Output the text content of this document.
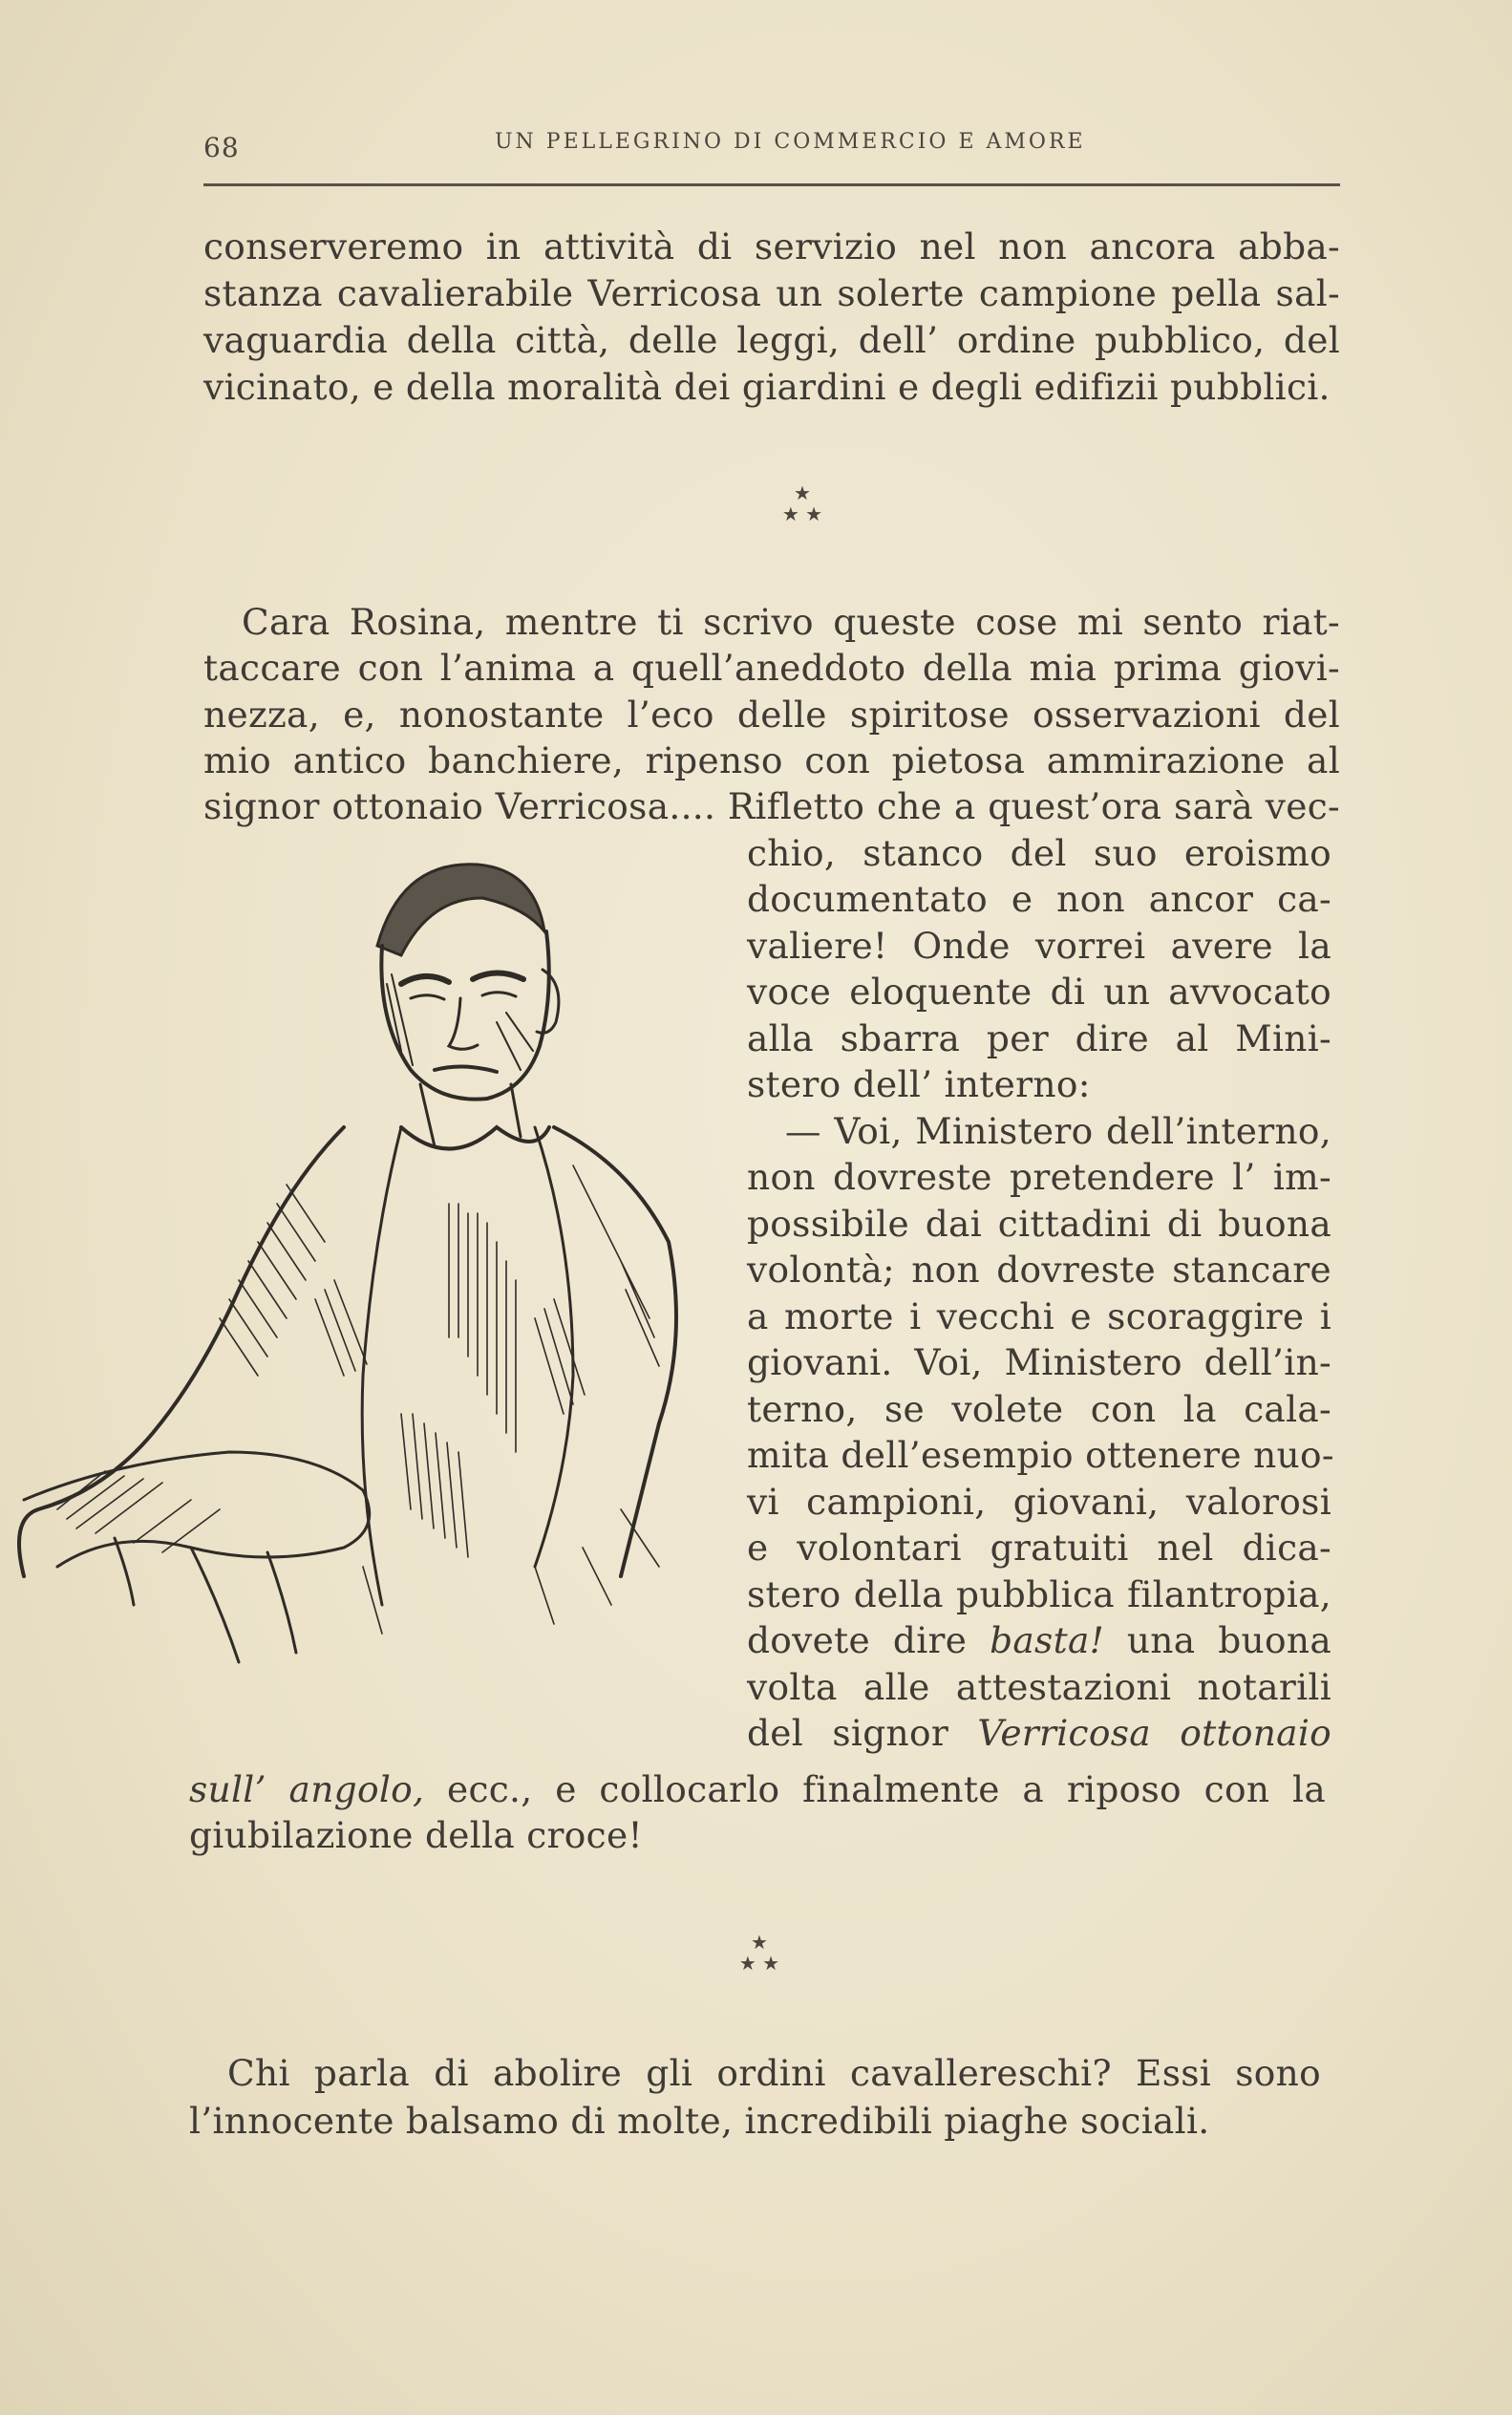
68	UN PELLEGRINO DI COMMERCIO E AMORE
conserveremo in attività di servizio nel non ancora abba-
stanza cavalierabile Verricosa un solerte campione pella sal-
vaguardia della città, delle leggi, dell’ ordine pubblico, del
vicinato, e della moralità dei giardini e degli edifizii pubblici.
★
★ ★
Cara Rosina, mentre ti scrivo queste cose mi sento riat-
taccare con l’anima a quell’aneddoto della mia prima giovi-
nezza, e, nonostante l’eco delle spiritose osservazioni del
mio antico banchiere, ripenso con pietosa ammirazione al
signor ottonaio Verricosa.... Rifletto che a quest’ora sarà vec-
chio, stanco del suo eroismo
documentato e non ancor ca-
valiere! Onde vorrei avere la
voce eloquente di un avvocato
alla sbarra per dire al Mini-
stero dell’ interno:
— Voi, Ministero dell’interno,
non dovreste pretendere l’ im-
possibile dai cittadini di buona
volontà; non dovreste stancare
a morte i vecchi e scoraggire i
giovani. Voi, Ministero dell’in-
terno, se volete con la cala-
mita dell’esempio ottenere nuo-
vi campioni, giovani, valorosi
e volontari gratuiti nel dica-
stero della pubblica filantropia,
dovete dire basta! una buona
volta alle attestazioni notarili
del signor Verricosa ottonaio
sull’ angolo, ecc., e collocarlo finalmente a riposo con la
giubilazione della croce!
★
★ ★
Chi parla di abolire gli ordini cavallereschi? Essi sono
l’innocente balsamo di molte, incredibili piaghe sociali.
